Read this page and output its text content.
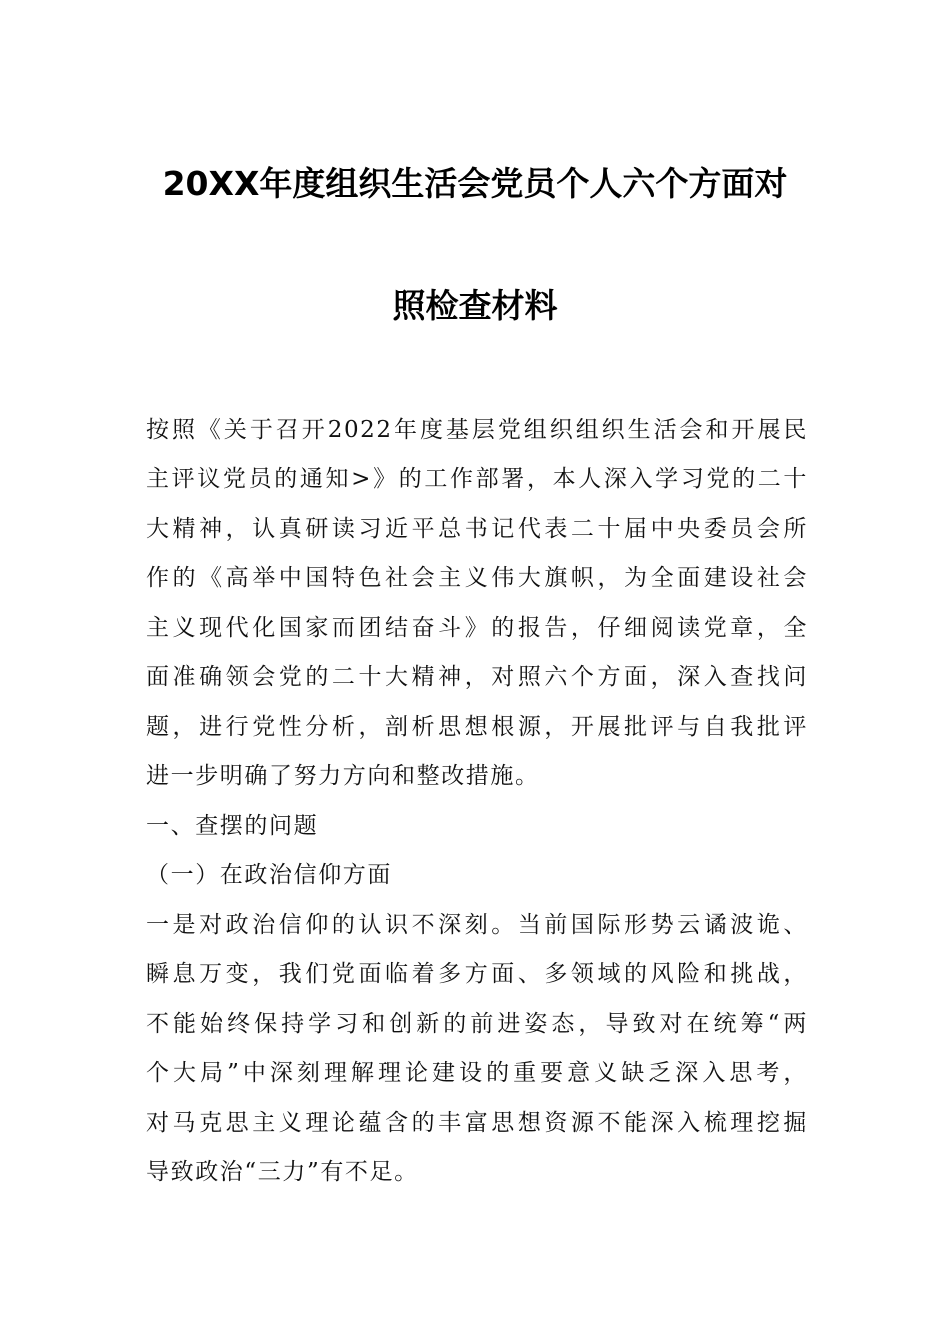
20XX年度组织生活会党员个人六个方面对
照检查材料
按照《关于召开2022年度基层党组织组织生活会和开展民
主评议党员的通知>》的工作部署，本人深入学习党的二十
大精神，认真研读习近平总书记代表二十届中央委员会所
作的《高举中国特色社会主义伟大旗帜，为全面建设社会
主义现代化国家而团结奋斗》的报告，仔细阅读党章，全
面准确领会党的二十大精神，对照六个方面，深入查找问
题，进行党性分析，剖析思想根源，开展批评与自我批评
进一步明确了努力方向和整改措施。
一、查摆的问题
（一）在政治信仰方面
一是对政治信仰的认识不深刻。当前国际形势云谲波诡、
瞬息万变，我们党面临着多方面、多领域的风险和挑战，
不能始终保持学习和创新的前进姿态，导致对在统筹“两
个大局”中深刻理解理论建设的重要意义缺乏深入思考，
对马克思主义理论蕴含的丰富思想资源不能深入梳理挖掘
导致政治“三力”有不足。
